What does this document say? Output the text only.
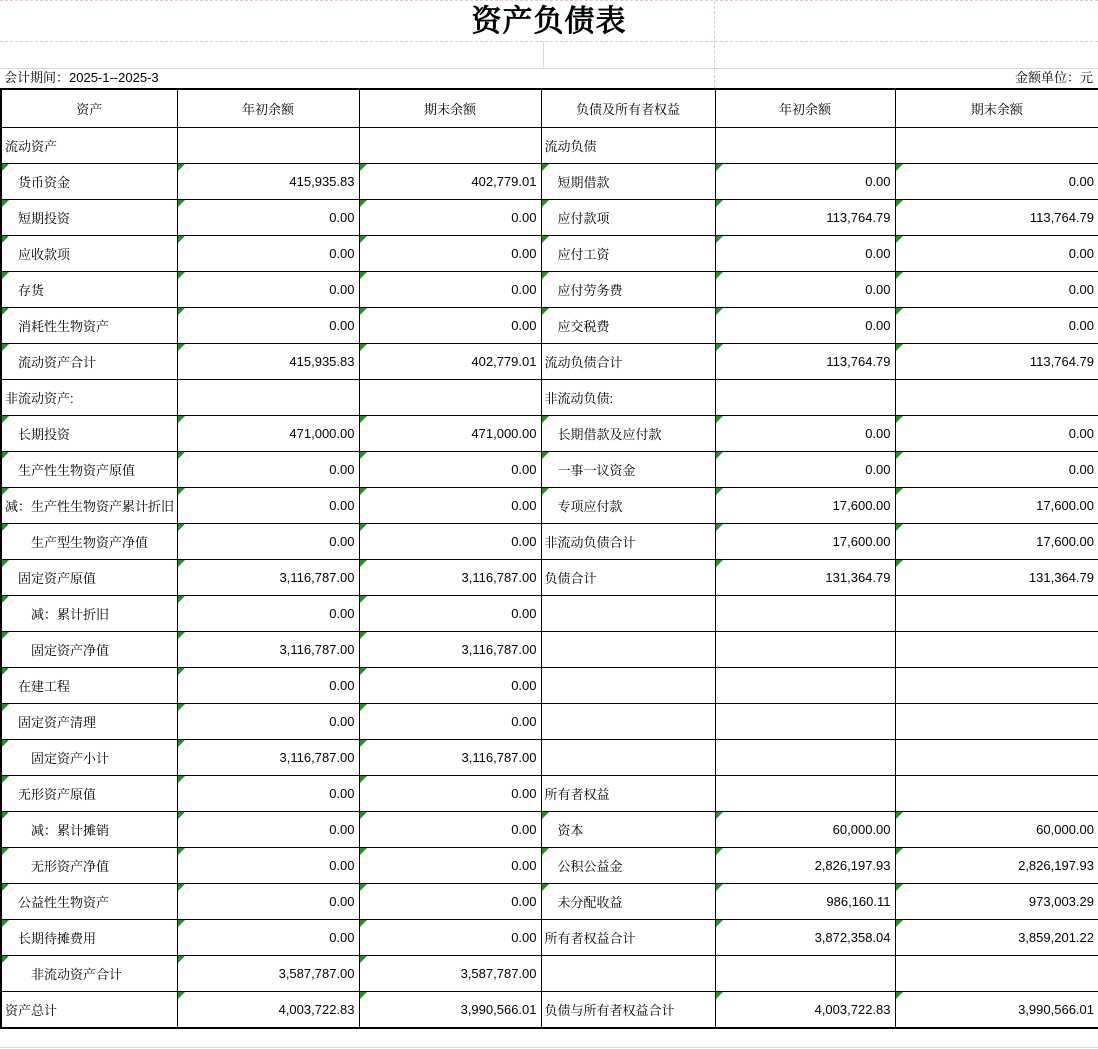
资产负债表
会计期间：2025-1--2025-3	金额单位：元
资产	年初余额	期末余额	负债及所有者权益	年初余额	期末余额
流动资产			流动负债		
货币资金	415,935.83	402,779.01	短期借款	0.00	0.00
短期投资	0.00	0.00	应付款项	113,764.79	113,764.79
应收款项	0.00	0.00	应付工资	0.00	0.00
存货	0.00	0.00	应付劳务费	0.00	0.00
消耗性生物资产	0.00	0.00	应交税费	0.00	0.00
流动资产合计	415,935.83	402,779.01	流动负债合计	113,764.79	113,764.79
非流动资产:			非流动负债:		
长期投资	471,000.00	471,000.00	长期借款及应付款	0.00	0.00
生产性生物资产原值	0.00	0.00	一事一议资金	0.00	0.00
减：生产性生物资产累计折旧	0.00	0.00	专项应付款	17,600.00	17,600.00
生产型生物资产净值	0.00	0.00	非流动负债合计	17,600.00	17,600.00
固定资产原值	3,116,787.00	3,116,787.00	负债合计	131,364.79	131,364.79
减：累计折旧	0.00	0.00			
固定资产净值	3,116,787.00	3,116,787.00			
在建工程	0.00	0.00			
固定资产清理	0.00	0.00			
固定资产小计	3,116,787.00	3,116,787.00			
无形资产原值	0.00	0.00	所有者权益		
减：累计摊销	0.00	0.00	资本	60,000.00	60,000.00
无形资产净值	0.00	0.00	公积公益金	2,826,197.93	2,826,197.93
公益性生物资产	0.00	0.00	未分配收益	986,160.11	973,003.29
长期待摊费用	0.00	0.00	所有者权益合计	3,872,358.04	3,859,201.22
非流动资产合计	3,587,787.00	3,587,787.00			
资产总计	4,003,722.83	3,990,566.01	负债与所有者权益合计	4,003,722.83	3,990,566.01
